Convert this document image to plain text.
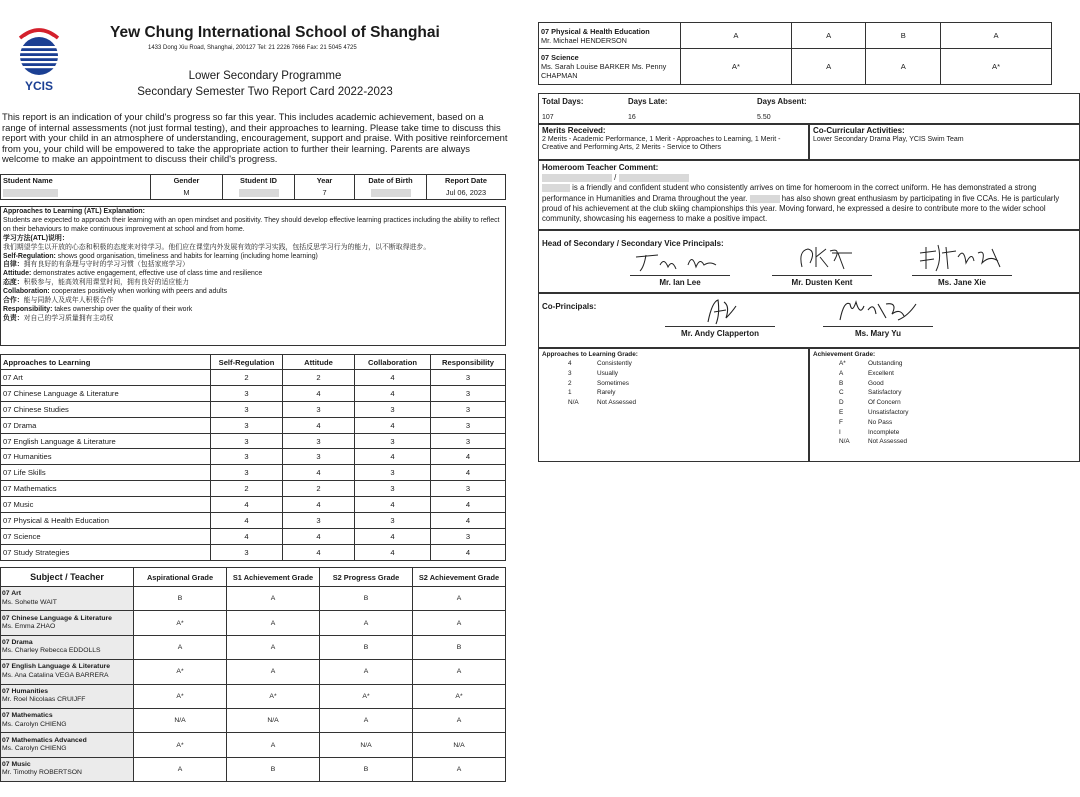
YCIS
Yew Chung International School of Shanghai
1433 Dong Xiu Road, Shanghai, 200127 Tel: 21 2226 7666 Fax: 21 5045 4725
Lower Secondary Programme
Secondary Semester Two Report Card 2022-2023
This report is an indication of your child's progress so far this year. This includes academic achievement, based on a range of internal assessments (not just formal testing), and their approaches to learning. Please take time to discuss this report with your child in an atmosphere of understanding, encouragement, support and praise. With positive reinforcement from you, your child will be empowered to take the appropriate action to further their learning. Parents are always welcome to make an appointment to discuss their child's progress.
Student Name	Gender	Student ID	Year	Date of Birth	Report Date
	M		7		Jul 06, 2023
Approaches to Learning (ATL) Explanation:
Students are expected to approach their learning with an open mindset and positivity. They should develop effective learning practices including the ability to reflect on their behaviours to make continuous improvement at school and from home.
学习方法(ATL)说明：
我们期望学生以开放的心态和积极的态度来对待学习。他们应在课堂内外发展有效的学习实践，包括反思学习行为的能力，以不断取得进步。
Self-Regulation: shows good organisation, timeliness and habits for learning (including home learning)
自律：拥有良好的有条理与守时的学习习惯（包括家庭学习）
Attitude: demonstrates active engagement, effective use of class time and resilience
态度：积极参与，能高效利用课堂时间，拥有良好的适应能力
Collaboration: cooperates positively when working with peers and adults
合作：能与同龄人及成年人积极合作
Responsibility: takes ownership over the quality of their work
负责：对自己的学习质量拥有主动权
Approaches to Learning	Self-Regulation	Attitude	Collaboration	Responsibility
07 Art	2	2	4	3
07 Chinese Language & Literature	3	4	4	3
07 Chinese Studies	3	3	3	3
07 Drama	3	4	4	3
07 English Language & Literature	3	3	3	3
07 Humanities	3	3	4	4
07 Life Skills	3	4	3	4
07 Mathematics	2	2	3	3
07 Music	4	4	4	4
07 Physical & Health Education	4	3	3	4
07 Science	4	4	4	3
07 Study Strategies	3	4	4	4
Subject / Teacher	Aspirational Grade	S1 Achievement Grade	S2 Progress Grade	S2 Achievement Grade

07 Art
Ms. Sohette WAIT	B	A	B	A

07 Chinese Language & Literature
Ms. Emma ZHAO	A*	A	A	A

07 Drama
Ms. Charley Rebecca EDDOLLS	A	A	B	B

07 English Language & Literature
Ms. Ana Catalina VEGA BARRERA	A*	A	A	A

07 Humanities
Mr. Roel Nicolaas CRUIJFF	A*	A*	A*	A*

07 Mathematics
Ms. Carolyn CHIENG	N/A	N/A	A	A

07 Mathematics Advanced
Ms. Carolyn CHIENG	A*	A	N/A	N/A

07 Music
Mr. Timothy ROBERTSON	A	B	B	A
07 Physical & Health Education
Mr. Michael HENDERSON	A	A	B	A

07 Science
Ms. Sarah Louise BARKER Ms. Penny CHAPMAN	A*	A	A	A*
Total Days:
107
Days Late:
16
Days Absent:
5.50
Merits Received:
2 Merits - Academic Performance, 1 Merit - Approaches to Learning, 1 Merit - Creative and Performing Arts, 2 Merits - Service to Others
Co-Curricular Activities:
Lower Secondary Drama Play, YCIS Swim Team
Homeroom Teacher Comment:
/
is a friendly and confident student who consistently arrives on time for homeroom in the correct uniform. He has demonstrated a strong performance in Humanities and Drama throughout the year.	has also shown great enthusiasm by participating in five CCAs. He is particularly proud of his achievement at the club skiing championships this year. Moving forward, he expressed a desire to contribute more to the wider school community, showcasing his eagerness to make a positive impact.
Head of Secondary / Secondary Vice Principals:
Mr. Ian Lee	Mr. Dusten Kent	Ms. Jane Xie
Co-Principals:
Mr. Andy Clapperton	Ms. Mary Yu
Approaches to Learning Grade:
4	Consistently
3	Usually
2	Sometimes
1	Rarely
N/A	Not Assessed
Achievement Grade:
A*	Outstanding
A	Excellent
B	Good
C	Satisfactory
D	Of Concern
E	Unsatisfactory
F	No Pass
I	Incomplete
N/A	Not Assessed
